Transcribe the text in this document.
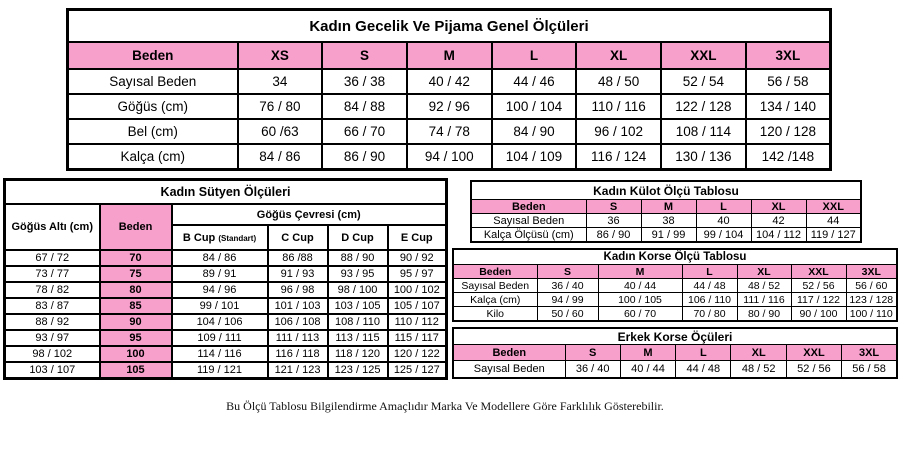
Kadın Gecelik Ve Pijama Genel Ölçüleri							
Beden	XS	S	M	L	XL	XXL	3XL
Sayısal Beden	34	36 / 38	40 / 42	44 / 46	48 / 50	52 / 54	56 / 58
Göğüs (cm)	76 / 80	84 / 88	92 / 96	100 / 104	110 / 116	122 / 128	134 / 140
Bel (cm)	60 /63	66 / 70	74 / 78	84 / 90	96 / 102	108 / 114	120 / 128
Kalça (cm)	84 / 86	86 / 90	94 / 100	104 / 109	116 / 124	130 / 136	142 /148
Kadın Sütyen Ölçüleri					
Göğüs Altı (cm)	Beden	Göğüs Çevresi (cm)			
		B Cup (Standart)	C Cup	D Cup	E Cup
67 / 72	70	84 / 86	86 /88	88 / 90	90 / 92
73 / 77	75	89 / 91	91 / 93	93 / 95	95 / 97
78 / 82	80	94 / 96	96 / 98	98 / 100	100 / 102
83 / 87	85	99 / 101	101 / 103	103 / 105	105 / 107
88 / 92	90	104 / 106	106 / 108	108 / 110	110 / 112
93 / 97	95	109 / 111	111 / 113	113 / 115	115 / 117
98 / 102	100	114 / 116	116 / 118	118 / 120	120 / 122
103 / 107	105	119 / 121	121 / 123	123 / 125	125 / 127
Kadın Külot Ölçü Tablosu					
Beden	S	M	L	XL	XXL
Sayısal Beden	36	38	40	42	44
Kalça Ölçüsü (cm)	86 / 90	91 / 99	99 / 104	104 / 112	119 / 127
Kadın Korse Ölçü Tablosu						
Beden	S	M	L	XL	XXL	3XL
Sayısal Beden	36 / 40	40 / 44	44 / 48	48 / 52	52 / 56	56 / 60
Kalça (cm)	94 / 99	100 / 105	106 / 110	111 / 116	117 / 122	123 / 128
Kilo	50 / 60	60 / 70	70 / 80	80 / 90	90 / 100	100 / 110
Erkek Korse Öçüleri						
Beden	S	M	L	XL	XXL	3XL
Sayısal Beden	36 / 40	40 / 44	44 / 48	48 / 52	52 / 56	56 / 58
Bu Ölçü Tablosu Bilgilendirme Amaçlıdır Marka Ve Modellere Göre Farklılık Gösterebilir.
